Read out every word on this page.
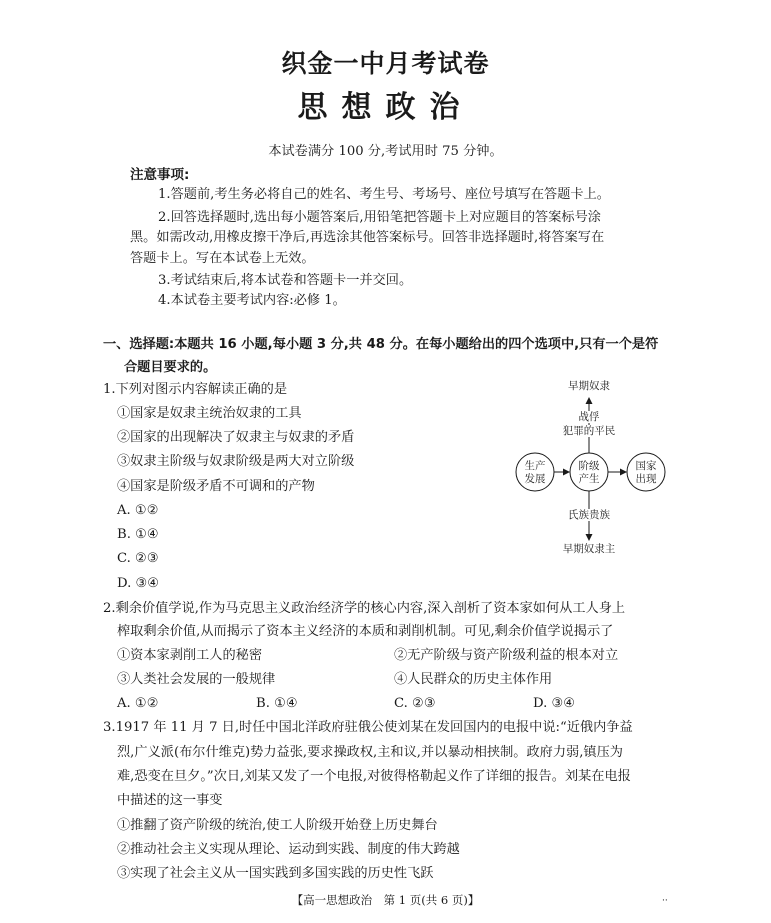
织金一中月考试卷
思想政治
本试卷满分 100 分,考试用时 75 分钟。
注意事项:
1.答题前,考生务必将自己的姓名、考生号、考场号、座位号填写在答题卡上。
2.回答选择题时,选出每小题答案后,用铅笔把答题卡上对应题目的答案标号涂
黑。如需改动,用橡皮擦干净后,再选涂其他答案标号。回答非选择题时,将答案写在
答题卡上。写在本试卷上无效。
3.考试结束后,将本试卷和答题卡一并交回。
4.本试卷主要考试内容:必修 1。
一、选择题:本题共 16 小题,每小题 3 分,共 48 分。在每小题给出的四个选项中,只有一个是符
合题目要求的。
1.下列对图示内容解读正确的是
①国家是奴隶主统治奴隶的工具
②国家的出现解决了奴隶主与奴隶的矛盾
③奴隶主阶级与奴隶阶级是两大对立阶级
④国家是阶级矛盾不可调和的产物
A. ①②
B. ①④
C. ②③
D. ③④
早期奴隶
战俘
犯罪的平民
生产
发展
阶级
产生
国家
出现
氏族贵族
早期奴隶主
2.剩余价值学说,作为马克思主义政治经济学的核心内容,深入剖析了资本家如何从工人身上
榨取剩余价值,从而揭示了资本主义经济的本质和剥削机制。可见,剩余价值学说揭示了
①资本家剥削工人的秘密	②无产阶级与资产阶级利益的根本对立
③人类社会发展的一般规律	④人民群众的历史主体作用
A. ①②	B. ①④	C. ②③	D. ③④
3.1917 年 11 月 7 日,时任中国北洋政府驻俄公使刘某在发回国内的电报中说:“近俄内争益
烈,广义派(布尔什维克)势力益张,要求操政权,主和议,并以暴动相挟制。政府力弱,镇压为
难,恐变在旦夕。”次日,刘某又发了一个电报,对彼得格勒起义作了详细的报告。刘某在电报
中描述的这一事变
①推翻了资产阶级的统治,使工人阶级开始登上历史舞台
②推动社会主义实现从理论、运动到实践、制度的伟大跨越
③实现了社会主义从一国实践到多国实践的历史性飞跃
【高一思想政治　第 1 页(共 6 页)】	··
